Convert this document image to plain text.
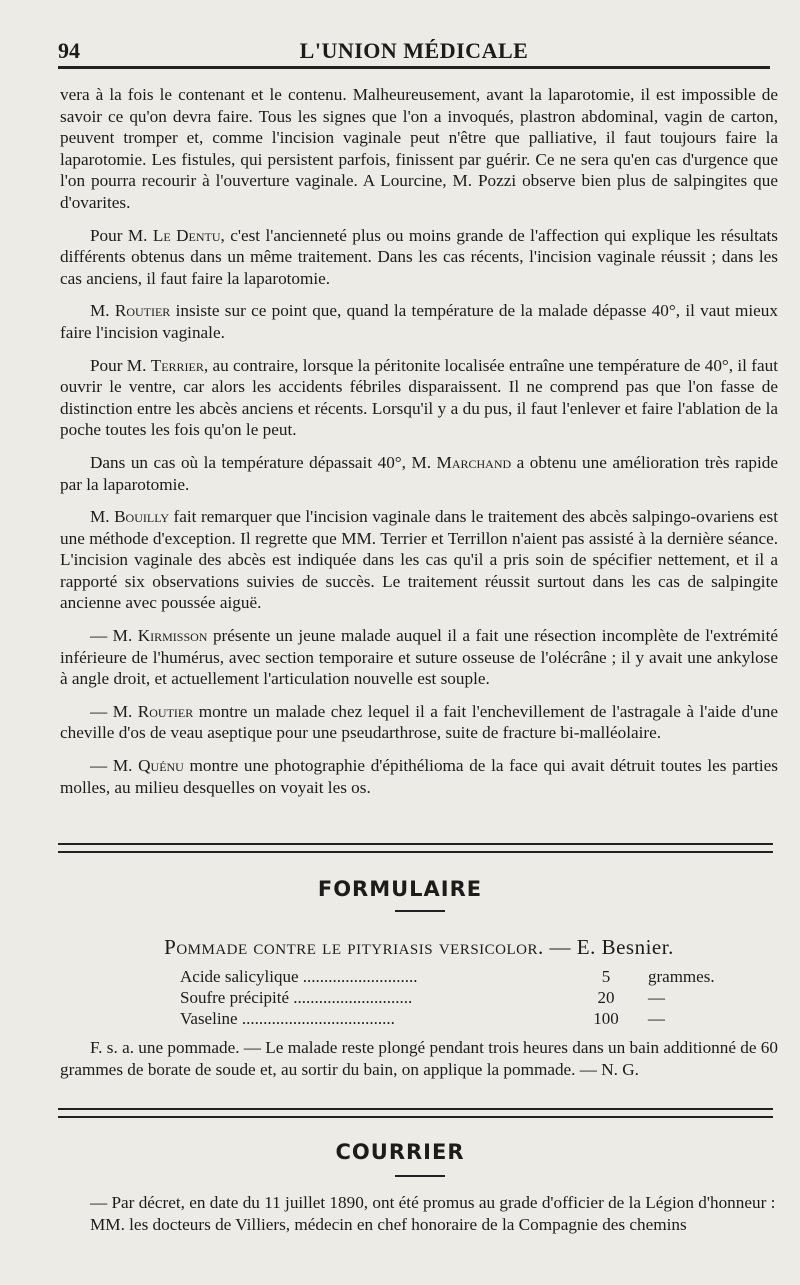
L'UNION MÉDICALE
94

vera à la fois le contenant et le contenu. Malheureusement, avant la laparotomie, il est impossible de savoir ce qu'on devra faire. Tous les signes que l'on a invoqués, plastron abdominal, vagin de carton, peuvent tromper et, comme l'incision vaginale peut n'être que palliative, il faut toujours faire la laparotomie. Les fistules, qui persistent parfois, finissent par guérir. Ce ne sera qu'en cas d'urgence que l'on pourra recourir à l'ouverture vaginale. A Lourcine, M. Pozzi observe bien plus de salpingites que d'ovarites.

Pour M. Le Dentu, c'est l'ancienneté plus ou moins grande de l'affection qui explique les résultats différents obtenus dans un même traitement. Dans les cas récents, l'incision vaginale réussit ; dans les cas anciens, il faut faire la laparotomie.

M. Routier insiste sur ce point que, quand la température de la malade dépasse 40°, il vaut mieux faire l'incision vaginale.

Pour M. Terrier, au contraire, lorsque la péritonite localisée entraîne une température de 40°, il faut ouvrir le ventre, car alors les accidents fébriles disparaissent. Il ne comprend pas que l'on fasse de distinction entre les abcès anciens et récents. Lorsqu'il y a du pus, il faut l'enlever et faire l'ablation de la poche toutes les fois qu'on le peut.

Dans un cas où la température dépassait 40°, M. Marchand a obtenu une amélioration très rapide par la laparotomie.

M. Bouilly fait remarquer que l'incision vaginale dans le traitement des abcès salpingo-ovariens est une méthode d'exception. Il regrette que MM. Terrier et Terrillon n'aient pas assisté à la dernière séance. L'incision vaginale des abcès est indiquée dans les cas qu'il a pris soin de spécifier nettement, et il a rapporté six observations suivies de succès. Le traitement réussit surtout dans les cas de salpingite ancienne avec poussée aiguë.

— M. Kirmisson présente un jeune malade auquel il a fait une résection incomplète de l'extrémité inférieure de l'humérus, avec section temporaire et suture osseuse de l'olécrâne ; il y avait une ankylose à angle droit, et actuellement l'articulation nouvelle est souple.

— M. Routier montre un malade chez lequel il a fait l'enchevillement de l'astragale à l'aide d'une cheville d'os de veau aseptique pour une pseudarthrose, suite de fracture bi-malléolaire.

— M. Quénu montre une photographie d'épithélioma de la face qui avait détruit toutes les parties molles, au milieu desquelles on voyait les os.

FORMULAIRE
Pommade contre le pityriasis versicolor. — E. Besnier.
Acide salicylique ...........................	5	grammes.
Soufre précipité ............................	20	—
Vaseline ....................................	100	—

F. s. a. une pommade. — Le malade reste plongé pendant trois heures dans un bain additionné de 60 grammes de borate de soude et, au sortir du bain, on applique la pommade. — N. G.

COURRIER

— Par décret, en date du 11 juillet 1890, ont été promus au grade d'officier de la Légion d'honneur :

MM. les docteurs de Villiers, médecin en chef honoraire de la Compagnie des chemins
